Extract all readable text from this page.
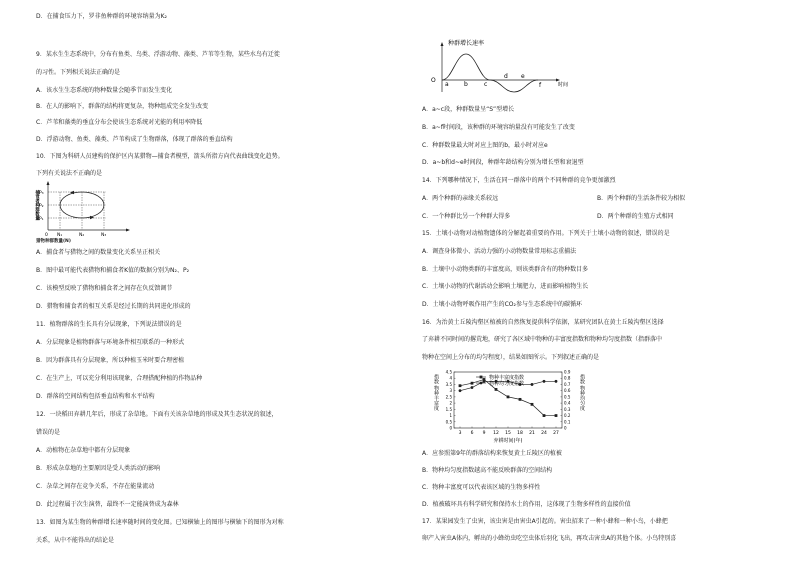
D．在捕食压力下，罗非鱼种群的环境容纳量为K₂
9．某水生生态系统中，分布有鱼类、鸟类、浮游动物、藻类、芦苇等生物，某些水鸟有迁徙
的习性。下列相关说法正确的是
A．该水生生态系统的物种数量会随季节而发生变化
B．在人的影响下，群落的结构将更复杂，物种组成完全发生改变
C．芦苇和藻类的垂直分布会使该生态系统对光能的利用率降低
D．浮游动物、鱼类、藻类、芦苇构成了生物群落，体现了群落的垂直结构
10．下图为科研人员建构的保护区内某猎物—捕食者模型，箭头所指方向代表曲线变化趋势。
下列有关说法不正确的是
捕食者种群数量 P₃
P₂
P₁
0 N₁	N₂	N₃
猎物种群数量(N)
A．捕食者与猎物之间的数量变化关系呈正相关
B．图中最可能代表猎物和捕食者K值的数据分别为N₂、P₂
C．该模型反映了猎物和捕食者之间存在负反馈调节
D．猎物和捕食者的相互关系是经过长期的共同进化形成的
11．植物群落的生长具有分层现象，下列说法错误的是
A．分层现象是植物群落与环境条件相互联系的一种形式
B．因为群落具有分层现象，所以种植玉米时要合理密植
C．在生产上，可以充分利用该现象，合理搭配种植的作物品种
D．群落的空间结构包括垂直结构和水平结构
12．一块稻田弃耕几年后，形成了杂草地。下面有关该杂草地的形成及其生态状况的叙述，
错误的是
A．动植物在杂草地中都有分层现象
B．形成杂草地的主要原因是受人类活动的影响
C．杂草之间存在竞争关系，不存在能量流动
D．此过程属于次生演替，最终不一定能演替成为森林
13．如图为某生物的种群增长速率随时间的变化图。已知横轴上的图形与横轴下的图形为对称
关系，从中不能得出的结论是
种群增长速率
O
a	b	c
d e
f	时间
A．a~c段，种群数量呈“S”型增长
B．a~f时间段，该种群的环境容纳量没有可能发生了改变
C．种群数量最大时对应上图的b，最小时对应e
D．a~b和d~e时间段，种群年龄结构分别为增长型和衰退型
14．下列哪种情况下，生活在同一群落中的两个不同种群的竞争更加激烈
A．两个种群的亲缘关系较远	B．两个种群的生活条件较为相似
C．一个种群比另一个种群大得多	D．两个种群的生殖方式相同
15．土壤小动物对动植物遗体的分解起着重要的作用。下列关于土壤小动物的叙述，错误的是
A．调查身体微小、活动力强的小动物数量常用标志重捕法
B．土壤中小动物类群的丰富度高，则该类群含有的物种数目多
C．土壤小动物的代谢活动会影响土壤肥力，进而影响植物生长
D．土壤小动物呼吸作用产生的CO₂参与生态系统中的碳循环
16．为治黄土丘陵沟壑区植被的自然恢复提供科学依据，某研究团队在黄土丘陵沟壑区选择
了弃耕不同时间的撂荒地，研究了各区域中物种的丰富度指数和物种均匀度指数（指群落中
物种在空间上分布的均匀程度），结果如图所示。下列叙述正确的是
指数 物种丰富度	指数 物种均匀度
0
0.5
1
1.5
2
2.5
3
3.5
4
4.5
0
0.1
0.2
0.3
0.4
0.5
0.6
0.7
0.8
0.9
3 6 9 12 15 18 21 24 27
弃耕时间(年)
物种丰富度指数
物种均匀度指数
A．应参照第9年的群落结构来恢复黄土丘陵区的植被
B．物种均匀度指数越高不能反映群落的空间结构
C．物种丰富度可以代表该区域的生物多样性
D．植被破坏具有科学研究和保持水土的作用，这体现了生物多样性的直接价值
17．某果园发生了虫害，该虫害是由害虫A引起的。害虫招来了一种小蜂和一种小鸟，小蜂把
卵产入害虫A体内，孵出的小蜂幼虫吃空虫体后羽化飞出，再攻击害虫A的其他个体。小鸟特别喜
